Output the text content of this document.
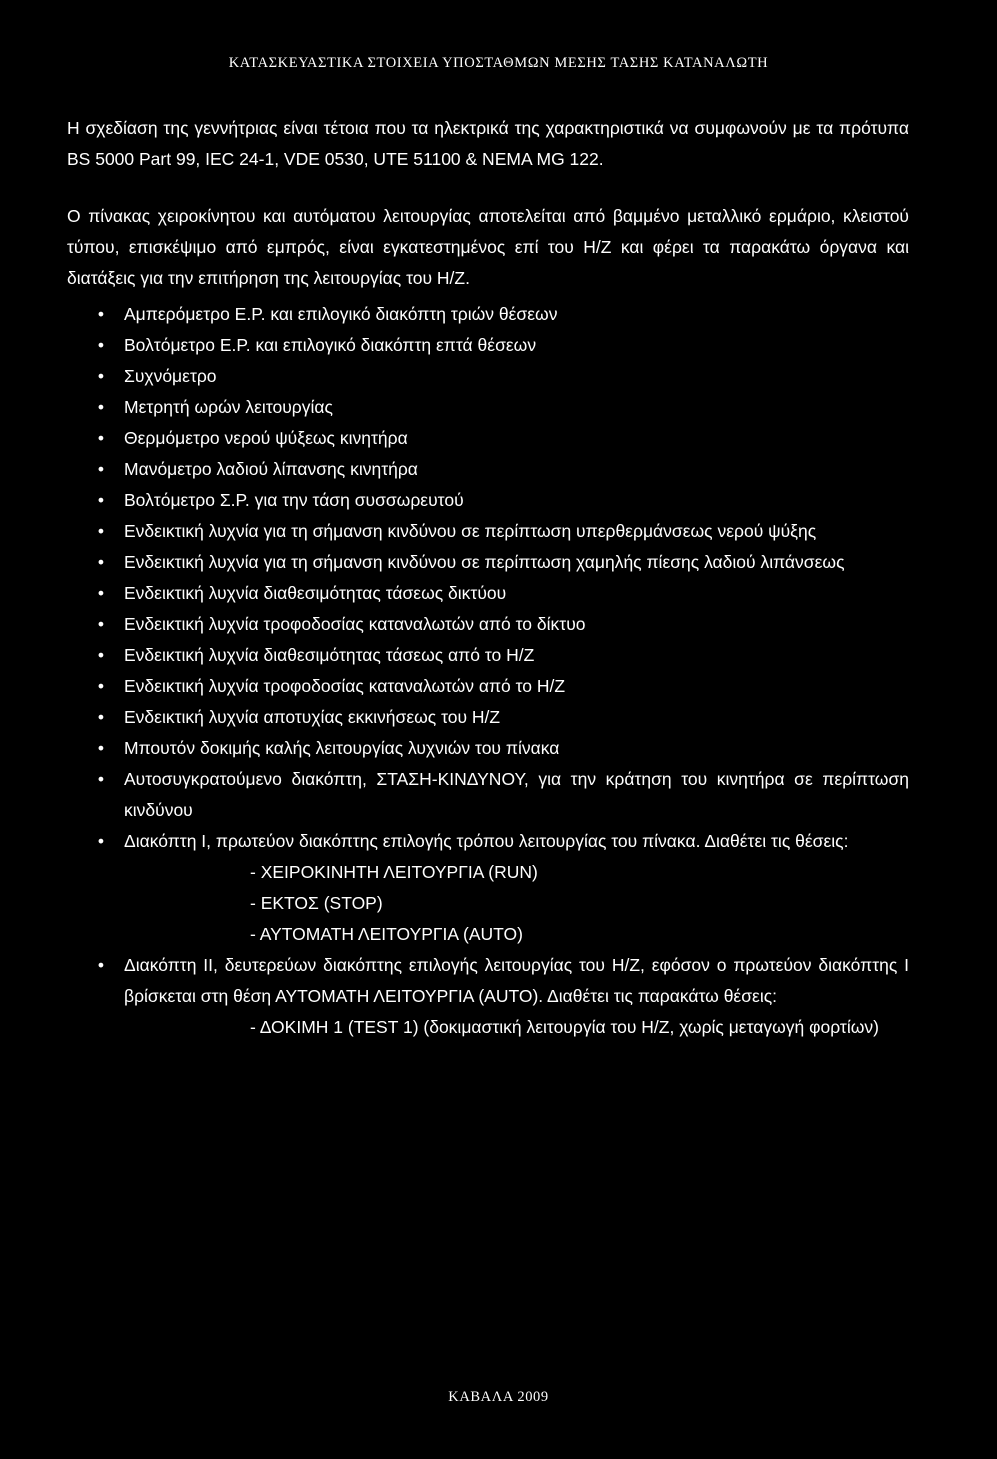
ΚΑΤΑΣΚΕΥΑΣΤΙΚΑ ΣΤΟΙΧΕΙΑ ΥΠΟΣΤΑΘΜΩΝ ΜΕΣΗΣ ΤΑΣΗΣ ΚΑΤΑΝΑΛΩΤΗ

Η σχεδίαση της γεννήτριας είναι τέτοια που τα ηλεκτρικά της χαρακτηριστικά να συμφωνούν με τα πρότυπα BS 5000 Part 99, IEC 24-1, VDE 0530, UTE 51100 & NEMA MG 122.

Ο πίνακας χειροκίνητου και αυτόματου λειτουργίας αποτελείται από βαμμένο μεταλλικό ερμάριο, κλειστού τύπου, επισκέψιμο από εμπρός, είναι εγκατεστημένος επί του Η/Ζ και φέρει τα παρακάτω όργανα και διατάξεις για την επιτήρηση της λειτουργίας του Η/Ζ.

• Αμπερόμετρο Ε.Ρ. και επιλογικό διακόπτη τριών θέσεων
• Βολτόμετρο Ε.Ρ. και επιλογικό διακόπτη επτά θέσεων
• Συχνόμετρο
• Μετρητή ωρών λειτουργίας
• Θερμόμετρο νερού ψύξεως κινητήρα
• Μανόμετρο λαδιού λίπανσης κινητήρα
• Βολτόμετρο Σ.Ρ. για την τάση συσσωρευτού
• Ενδεικτική λυχνία για τη σήμανση κινδύνου σε περίπτωση υπερθερμάνσεως νερού ψύξης
• Ενδεικτική λυχνία για τη σήμανση κινδύνου σε περίπτωση χαμηλής πίεσης λαδιού λιπάνσεως
• Ενδεικτική λυχνία διαθεσιμότητας τάσεως δικτύου
• Ενδεικτική λυχνία τροφοδοσίας καταναλωτών από το δίκτυο
• Ενδεικτική λυχνία διαθεσιμότητας τάσεως από το Η/Ζ
• Ενδεικτική λυχνία τροφοδοσίας καταναλωτών από το Η/Ζ
• Ενδεικτική λυχνία αποτυχίας εκκινήσεως του Η/Ζ
• Μπουτόν δοκιμής καλής λειτουργίας λυχνιών του πίνακα
• Αυτοσυγκρατούμενο διακόπτη, ΣΤΑΣΗ-ΚΙΝΔΥΝΟΥ, για την κράτηση του κινητήρα σε περίπτωση κινδύνου
• Διακόπτη Ι, πρωτεύον διακόπτης επιλογής τρόπου λειτουργίας του πίνακα. Διαθέτει τις θέσεις:
- ΧΕΙΡΟΚΙΝΗΤΗ ΛΕΙΤΟΥΡΓΙΑ (RUN)
- ΕΚΤΟΣ (STOP)
- ΑΥΤΟΜΑΤΗ ΛΕΙΤΟΥΡΓΙΑ (AUTO)
• Διακόπτη ΙΙ, δευτερεύων διακόπτης επιλογής λειτουργίας του Η/Ζ, εφόσον ο πρωτεύον διακόπτης Ι βρίσκεται στη θέση ΑΥΤΟΜΑΤΗ ΛΕΙΤΟΥΡΓΙΑ (AUTO). Διαθέτει τις παρακάτω θέσεις:
- ΔΟΚΙΜΗ 1 (TEST 1) (δοκιμαστική λειτουργία του Η/Ζ, χωρίς μεταγωγή φορτίων)
ΚΑΒΑΛΑ 2009
